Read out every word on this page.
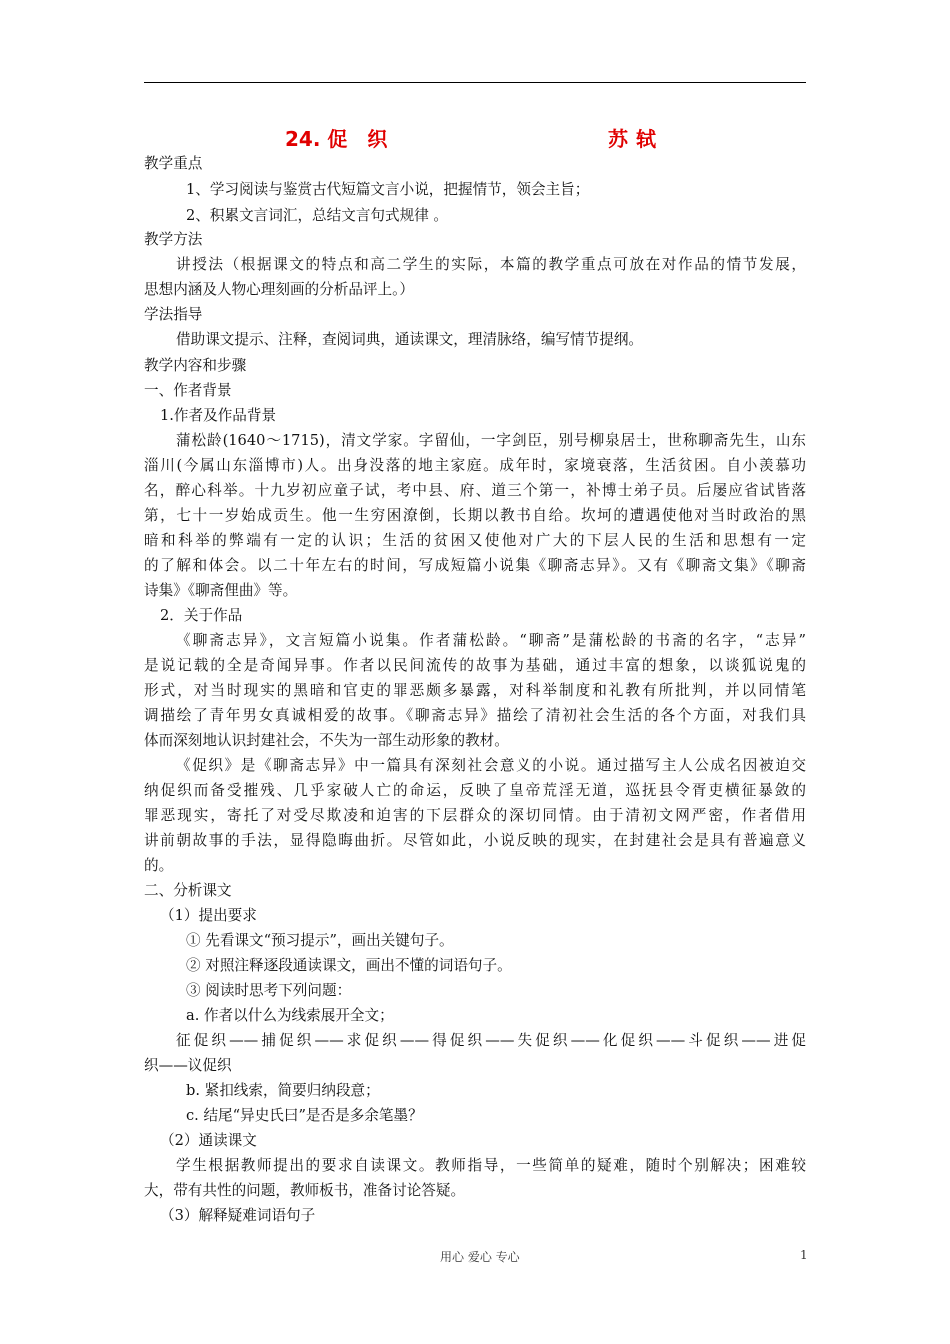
24. 促　织	苏轼
教学重点
1、学习阅读与鉴赏古代短篇文言小说，把握情节，领会主旨；
2、积累文言词汇，总结文言句式规律 。
教学方法
讲授法（根据课文的特点和高二学生的实际，本篇的教学重点可放在对作品的情节发展，
思想内涵及人物心理刻画的分析品评上。）
学法指导
借助课文提示、注释，查阅词典，通读课文，理清脉络，编写情节提纲。
教学内容和步骤
一、作者背景
1.作者及作品背景
蒲松龄(1640～1715)，清文学家。字留仙，一字剑臣，别号柳泉居士，世称聊斋先生，山东
淄川(今属山东淄博市)人。出身没落的地主家庭。成年时，家境衰落，生活贫困。自小羡慕功
名，醉心科举。十九岁初应童子试，考中县、府、道三个第一，补博士弟子员。后屡应省试皆落
第，七十一岁始成贡生。他一生穷困潦倒，长期以教书自给。坎坷的遭遇使他对当时政治的黑
暗和科举的弊端有一定的认识；生活的贫困又使他对广大的下层人民的生活和思想有一定
的了解和体会。以二十年左右的时间，写成短篇小说集《聊斋志异》。又有《聊斋文集》《聊斋
诗集》《聊斋俚曲》等。
2．关于作品
《聊斋志异》，文言短篇小说集。作者蒲松龄。“聊斋”是蒲松龄的书斋的名字，“志异”
是说记载的全是奇闻异事。作者以民间流传的故事为基础，通过丰富的想象，以谈狐说鬼的
形式，对当时现实的黑暗和官吏的罪恶颇多暴露，对科举制度和礼教有所批判，并以同情笔
调描绘了青年男女真诚相爱的故事。《聊斋志异》描绘了清初社会生活的各个方面，对我们具
体而深刻地认识封建社会，不失为一部生动形象的教材。
《促织》是《聊斋志异》中一篇具有深刻社会意义的小说。通过描写主人公成名因被迫交
纳促织而备受摧残、几乎家破人亡的命运，反映了皇帝荒淫无道，巡抚县令胥吏横征暴敛的
罪恶现实，寄托了对受尽欺凌和迫害的下层群众的深切同情。由于清初文网严密，作者借用
讲前朝故事的手法，显得隐晦曲折。尽管如此，小说反映的现实，在封建社会是具有普遍意义
的。
二、分析课文
（1）提出要求
① 先看课文“预习提示”，画出关键句子。
② 对照注释逐段通读课文，画出不懂的词语句子。
③ 阅读时思考下列问题：
a. 作者以什么为线索展开全文；
征促织——捕促织——求促织——得促织——失促织——化促织——斗促织——进促
织——议促织
b. 紧扣线索，简要归纳段意；
c. 结尾“异史氏曰”是否是多余笔墨？
（2）通读课文
学生根据教师提出的要求自读课文。教师指导，一些简单的疑难，随时个别解决；困难较
大，带有共性的问题，教师板书，准备讨论答疑。
（3）解释疑难词语句子
用心 爱心 专心	1
